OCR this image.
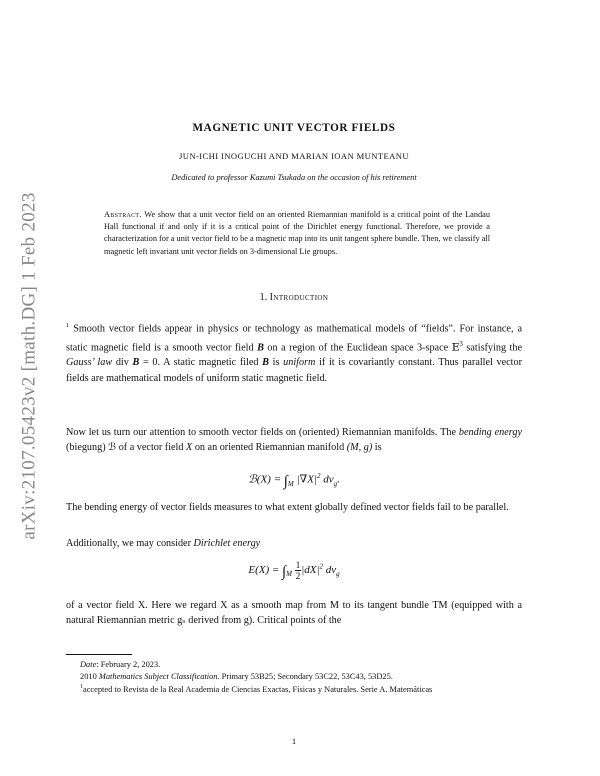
arXiv:2107.05423v2 [math.DG] 1 Feb 2023
MAGNETIC UNIT VECTOR FIELDS
JUN-ICHI INOGUCHI AND MARIAN IOAN MUNTEANU
Dedicated to professor Kazumi Tsukada on the occasion of his retirement
Abstract. We show that a unit vector field on an oriented Riemannian manifold is a critical point of the Landau Hall functional if and only if it is a critical point of the Dirichlet energy functional. Therefore, we provide a characterization for a unit vector field to be a magnetic map into its unit tangent sphere bundle. Then, we classify all magnetic left invariant unit vector fields on 3-dimensional Lie groups.
1. Introduction
$^1$ Smooth vector fields appear in physics or technology as mathematical models of “fields”. For instance, a static magnetic field is a smooth vector field B on a region of the Euclidean space 3-space 𝔼$^3$ satisfying the Gauss’ law div B = 0. A static magnetic filed B is uniform if it is covariantly constant. Thus parallel vector fields are mathematical models of uniform static magnetic field.
Now let us turn our attention to smooth vector fields on (oriented) Riemannian manifolds. The bending energy (biegung) ℬ of a vector field X on an oriented Riemannian manifold (M, g) is
ℬ(X) = $\int_M$ $|\nabla X|^2$ $dv_g$.
The bending energy of vector fields measures to what extent globally defined vector fields fail to be parallel.
Additionally, we may consider Dirichlet energy
$E(X) = \int_M \frac{1}{2} |dX|^2$ $dv_g$
of a vector field X. Here we regard X as a smooth map from M to its tangent bundle TM (equipped with a natural Riemannian metric gₛ derived from g). Critical points of the
Date: February 2, 2023.
2010 Mathematics Subject Classification. Primary 53B25; Secondary 53C22, 53C43, 53D25.
$^1$accepted to Revista de la Real Academia de Ciencias Exactas, Físicas y Naturales. Serie A. Matemáticas
1
